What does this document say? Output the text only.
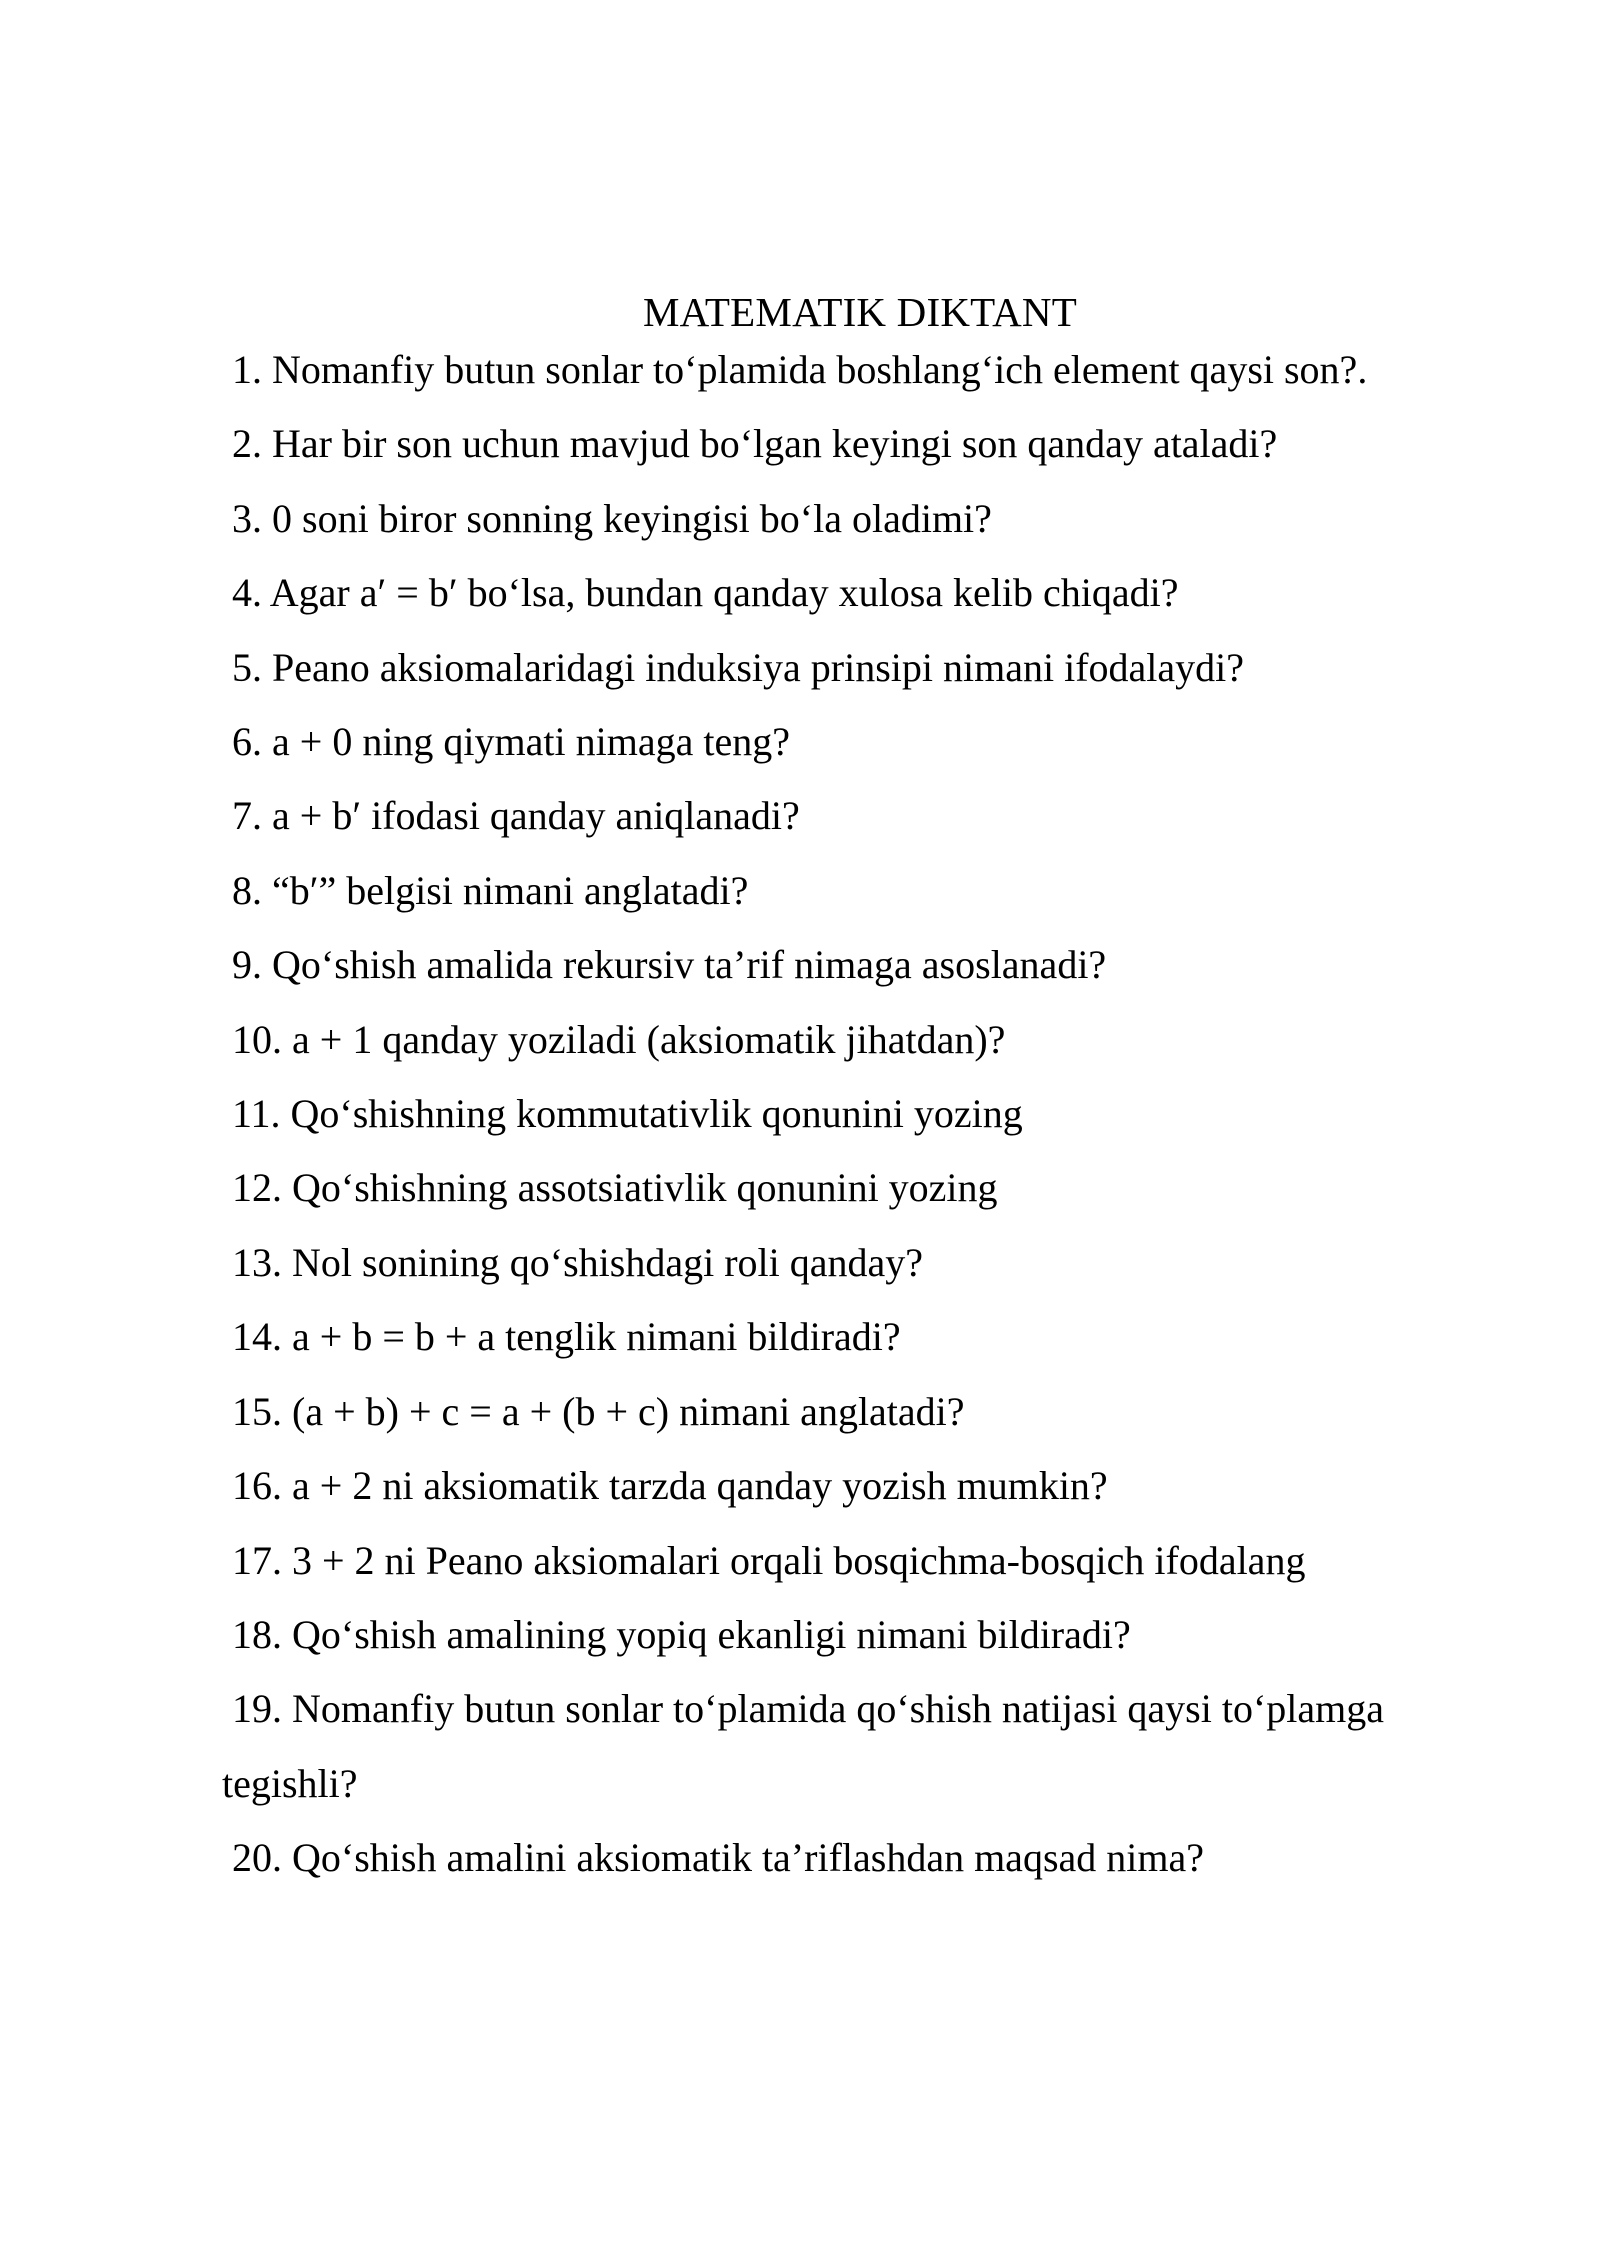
MATEMATIK DIKTANT
1. Nomanfiy butun sonlar to‘plamida boshlang‘ich element qaysi son?.
2. Har bir son uchun mavjud bo‘lgan keyingi son qanday ataladi?
3. 0 soni biror sonning keyingisi bo‘la oladimi?
4. Agar a′ = b′ bo‘lsa, bundan qanday xulosa kelib chiqadi?
5. Peano aksiomalaridagi induksiya prinsipi nimani ifodalaydi?
6. a + 0 ning qiymati nimaga teng?
7. a + b′ ifodasi qanday aniqlanadi?
8. “b′” belgisi nimani anglatadi?
9. Qo‘shish amalida rekursiv ta’rif nimaga asoslanadi?
10. a + 1 qanday yoziladi (aksiomatik jihatdan)?
11. Qo‘shishning kommutativlik qonunini yozing
12. Qo‘shishning assotsiativlik qonunini yozing
13. Nol sonining qo‘shishdagi roli qanday?
14. a + b = b + a tenglik nimani bildiradi?
15. (a + b) + c = a + (b + c) nimani anglatadi?
16. a + 2 ni aksiomatik tarzda qanday yozish mumkin?
17. 3 + 2 ni Peano aksiomalari orqali bosqichma-bosqich ifodalang
18. Qo‘shish amalining yopiq ekanligi nimani bildiradi?
19. Nomanfiy butun sonlar to‘plamida qo‘shish natijasi qaysi to‘plamga
tegishli?
20. Qo‘shish amalini aksiomatik ta’riflashdan maqsad nima?
